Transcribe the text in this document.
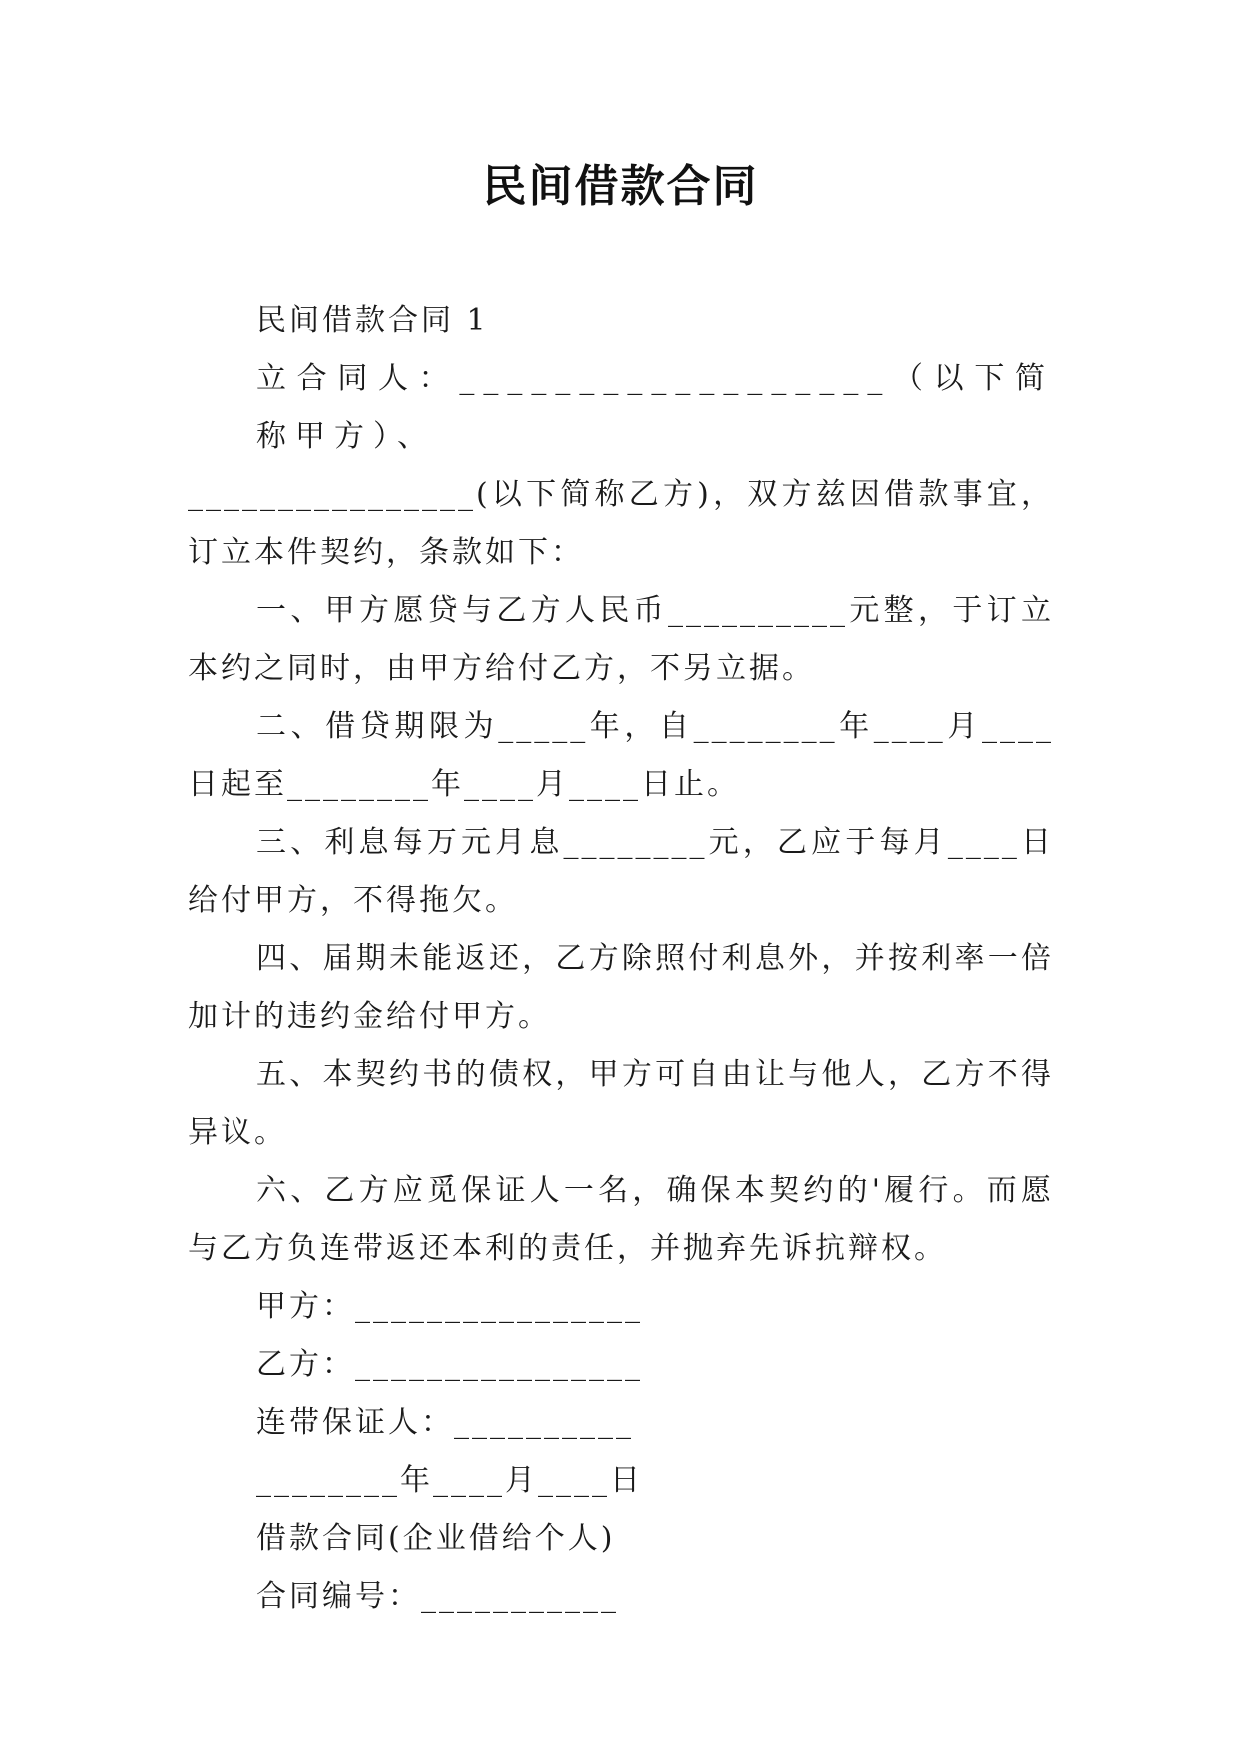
民间借款合同

民间借款合同 1

立合同人：__________________（以下简称甲方）、

________________(以下简称乙方)，双方兹因借款事宜，订立本件契约，条款如下：

一、甲方愿贷与乙方人民币__________元整，于订立本约之同时，由甲方给付乙方，不另立据。

二、借贷期限为_____年，自________年____月____日起至________年____月____日止。

三、利息每万元月息________元，乙应于每月____日给付甲方，不得拖欠。

四、届期未能返还，乙方除照付利息外，并按利率一倍加计的违约金给付甲方。

五、本契约书的债权，甲方可自由让与他人，乙方不得异议。

六、乙方应觅保证人一名，确保本契约的'履行。而愿与乙方负连带返还本利的责任，并抛弃先诉抗辩权。

甲方：________________

乙方：________________

连带保证人：__________

________年____月____日

借款合同(企业借给个人)

合同编号：___________
